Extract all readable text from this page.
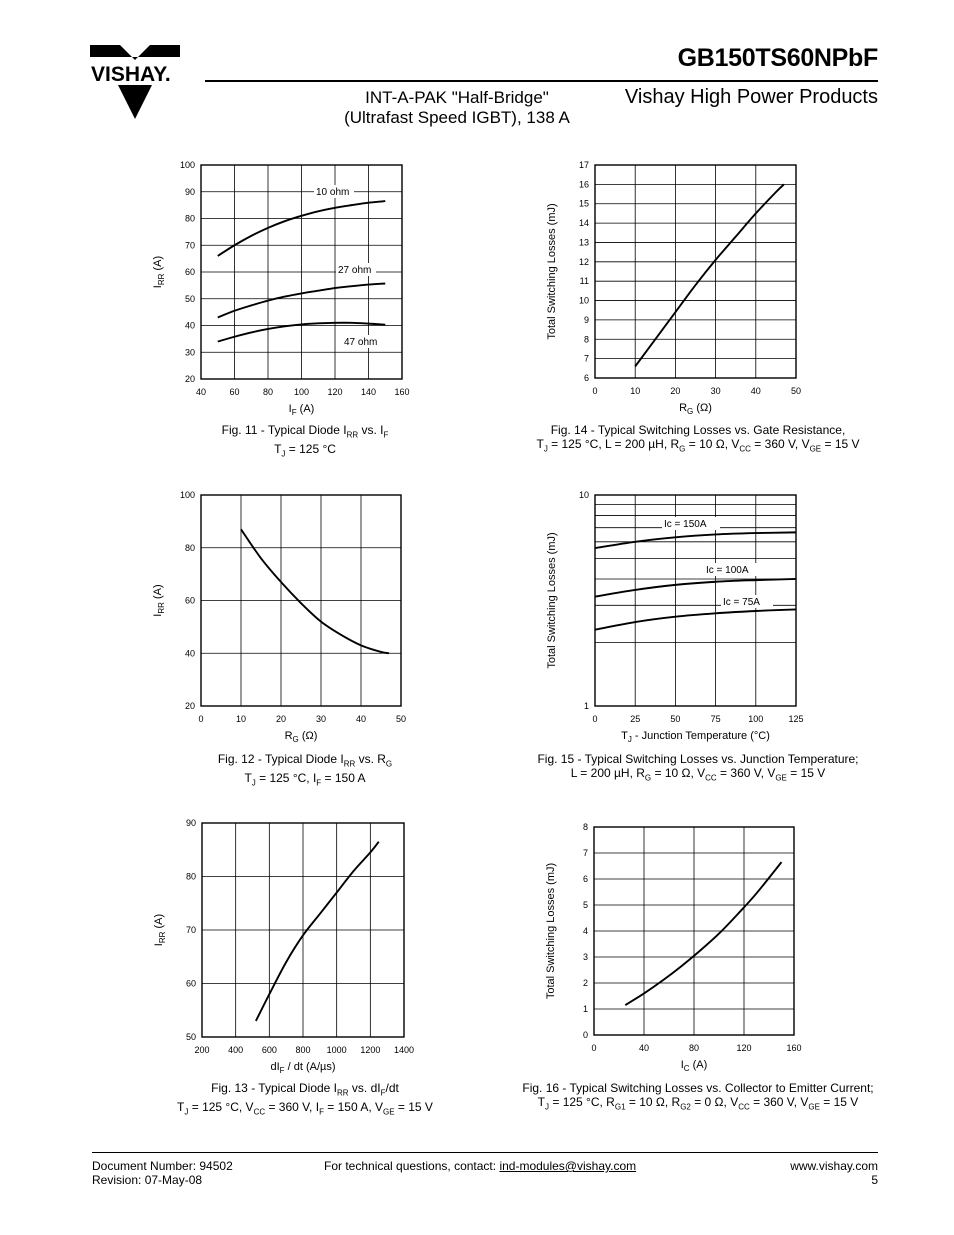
VISHAY.
GB150TS60NPbF
INT-A-PAK "Half-Bridge"
(Ultrafast Speed IGBT), 138 A
Vishay High Power Products
40	60	80 100 120 140 160
20
30
40
50
60
70
80
90
100
$I_F$ (A)
$I_{RR}$ (A)
10 ohm
27 ohm
47 ohm
0	10	20	30	40	50
6
7
8
9
10
11
12
13
14
15
16
17
$R_G$ (Ω)
Total Switching Losses (mJ)
0	10	20	30	40	50
20
40
60
80
100
$R_G$ (Ω)
$I_{RR}$ (A)
0	25	50	75	100	125
1
10
$T_J$ - Junction Temperature (°C)
Total Switching Losses (mJ)
Ic = 150A
Ic = 100A
Ic = 75A
200 400 600 800 1000 1200 1400
50
60
70
80
90
$dI_F$ / dt (A/µs)
$I_{RR}$ (A)
0	40	80	120	160
0
1
2
3
4
5
6
7
8
$I_C$ (A)
Total Switching Losses (mJ)
Fig. 11 - Typical Diode $I_{RR}$ vs. $I_F$
$T_J = 125$ °C
Fig. 14 - Typical Switching Losses vs. Gate Resistance,
$T_J = 125$ °C, L = 200 µH, $R_G = 10$ Ω, $V_{CC} = 360$ V, $V_{GE} = 15$ V
Fig. 12 - Typical Diode $I_{RR}$ vs. $R_G$
$T_J = 125$ °C, $I_F = 150$ A
Fig. 15 - Typical Switching Losses vs. Junction Temperature;
L = 200 µH, $R_G = 10$ Ω, $V_{CC} = 360$ V, $V_{GE} = 15$ V
Fig. 13 - Typical Diode $I_{RR}$ vs. $dI_F/dt$
$T_J = 125$ °C, $V_{CC} = 360$ V, $I_F = 150$ A, $V_{GE} = 15$ V
Fig. 16 - Typical Switching Losses vs. Collector to Emitter Current;
$T_J = 125$ °C, $R_{G1} = 10$ Ω, $R_{G2} = 0$ Ω, $V_{CC} = 360$ V, $V_{GE} = 15$ V
Document Number: 94502
Revision: 07-May-08
For technical questions, contact: ind-modules@vishay.com	www.vishay.com
5
